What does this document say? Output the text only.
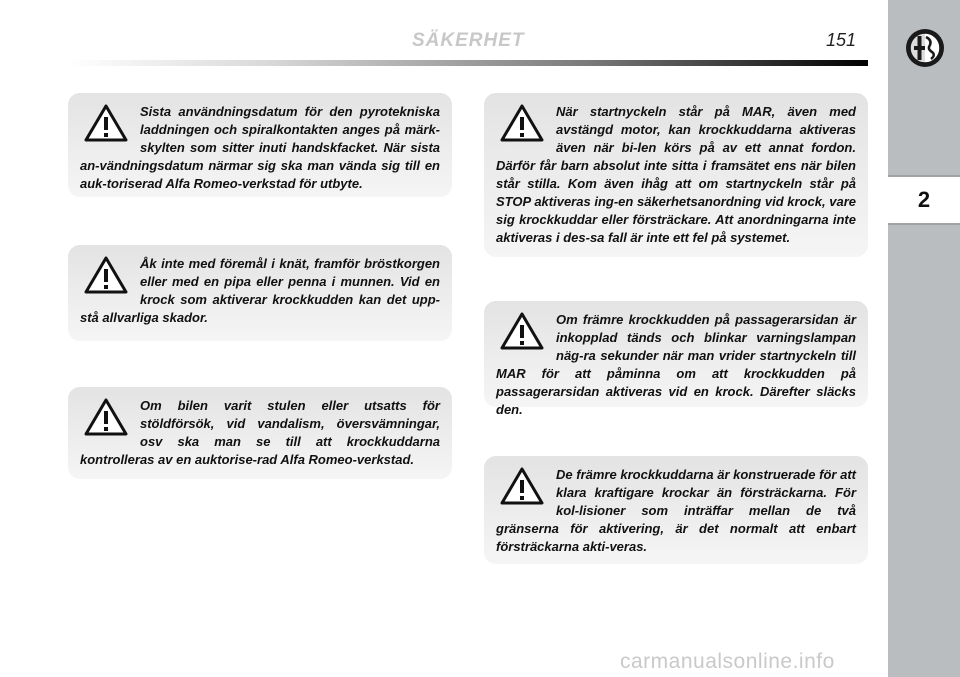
SÄKERHET	151
2

Sista användningsdatum för den pyrotekniska laddningen och spiralkontakten anges på märk-skylten som sitter inuti handskfacket. När sista an-vändningsdatum närmar sig ska man vända sig till en auk-toriserad Alfa Romeo-verkstad för utbyte.

Åk inte med föremål i knät, framför bröstkorgen eller med en pipa eller penna i munnen. Vid en krock som aktiverar krockkudden kan det upp-stå allvarliga skador.

Om bilen varit stulen eller utsatts för stöldförsök, vid vandalism, översvämningar, osv ska man se till att krockkuddarna kontrolleras av en auktorise-rad Alfa Romeo-verkstad.

När startnyckeln står på MAR, även med avstängd motor, kan krockkuddarna aktiveras även när bi-len körs på av ett annat fordon. Därför får barn absolut inte sitta i framsätet ens när bilen står stilla. Kom även ihåg att om startnyckeln står på STOP aktiveras ing-en säkerhetsanordning vid krock, vare sig krockkuddar eller försträckare. Att anordningarna inte aktiveras i des-sa fall är inte ett fel på systemet.

Om främre krockkudden på passagerarsidan är inkopplad tänds och blinkar varningslampan näg-ra sekunder när man vrider startnyckeln till MAR för att påminna om att krockkudden på passagerarsidan aktiveras vid en krock. Därefter släcks den.

De främre krockkuddarna är konstruerade för att klara kraftigare krockar än försträckarna. För kol-lisioner som inträffar mellan de två gränserna för aktivering, är det normalt att enbart försträckarna akti-veras.

carmanualsonline.info
